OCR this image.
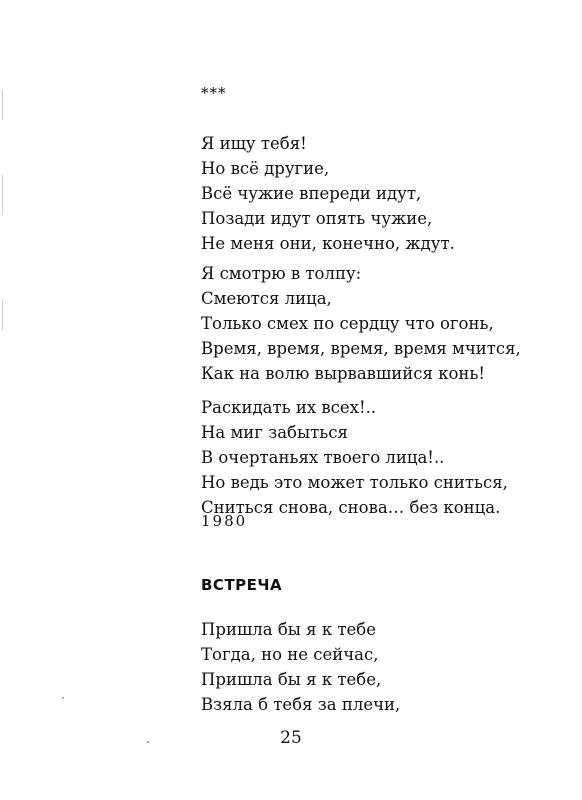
***
Я ищу тебя!
Но всё другие,
Всё чужие впереди идут,
Позади идут опять чужие,
Не меня они, конечно, ждут.
Я смотрю в толпу:
Смеются лица,
Только смех по сердцу что огонь,
Время, время, время, время мчится,
Как на волю вырвавшийся конь!
Раскидать их всех!..
На миг забыться
В очертаньях твоего лица!..
Но ведь это может только сниться,
Сниться снова, снова… без конца.
1980
ВСТРЕЧА
Пришла бы я к тебе
Тогда, но не сейчас,
Пришла бы я к тебе,
Взяла б тебя за плечи,
25
